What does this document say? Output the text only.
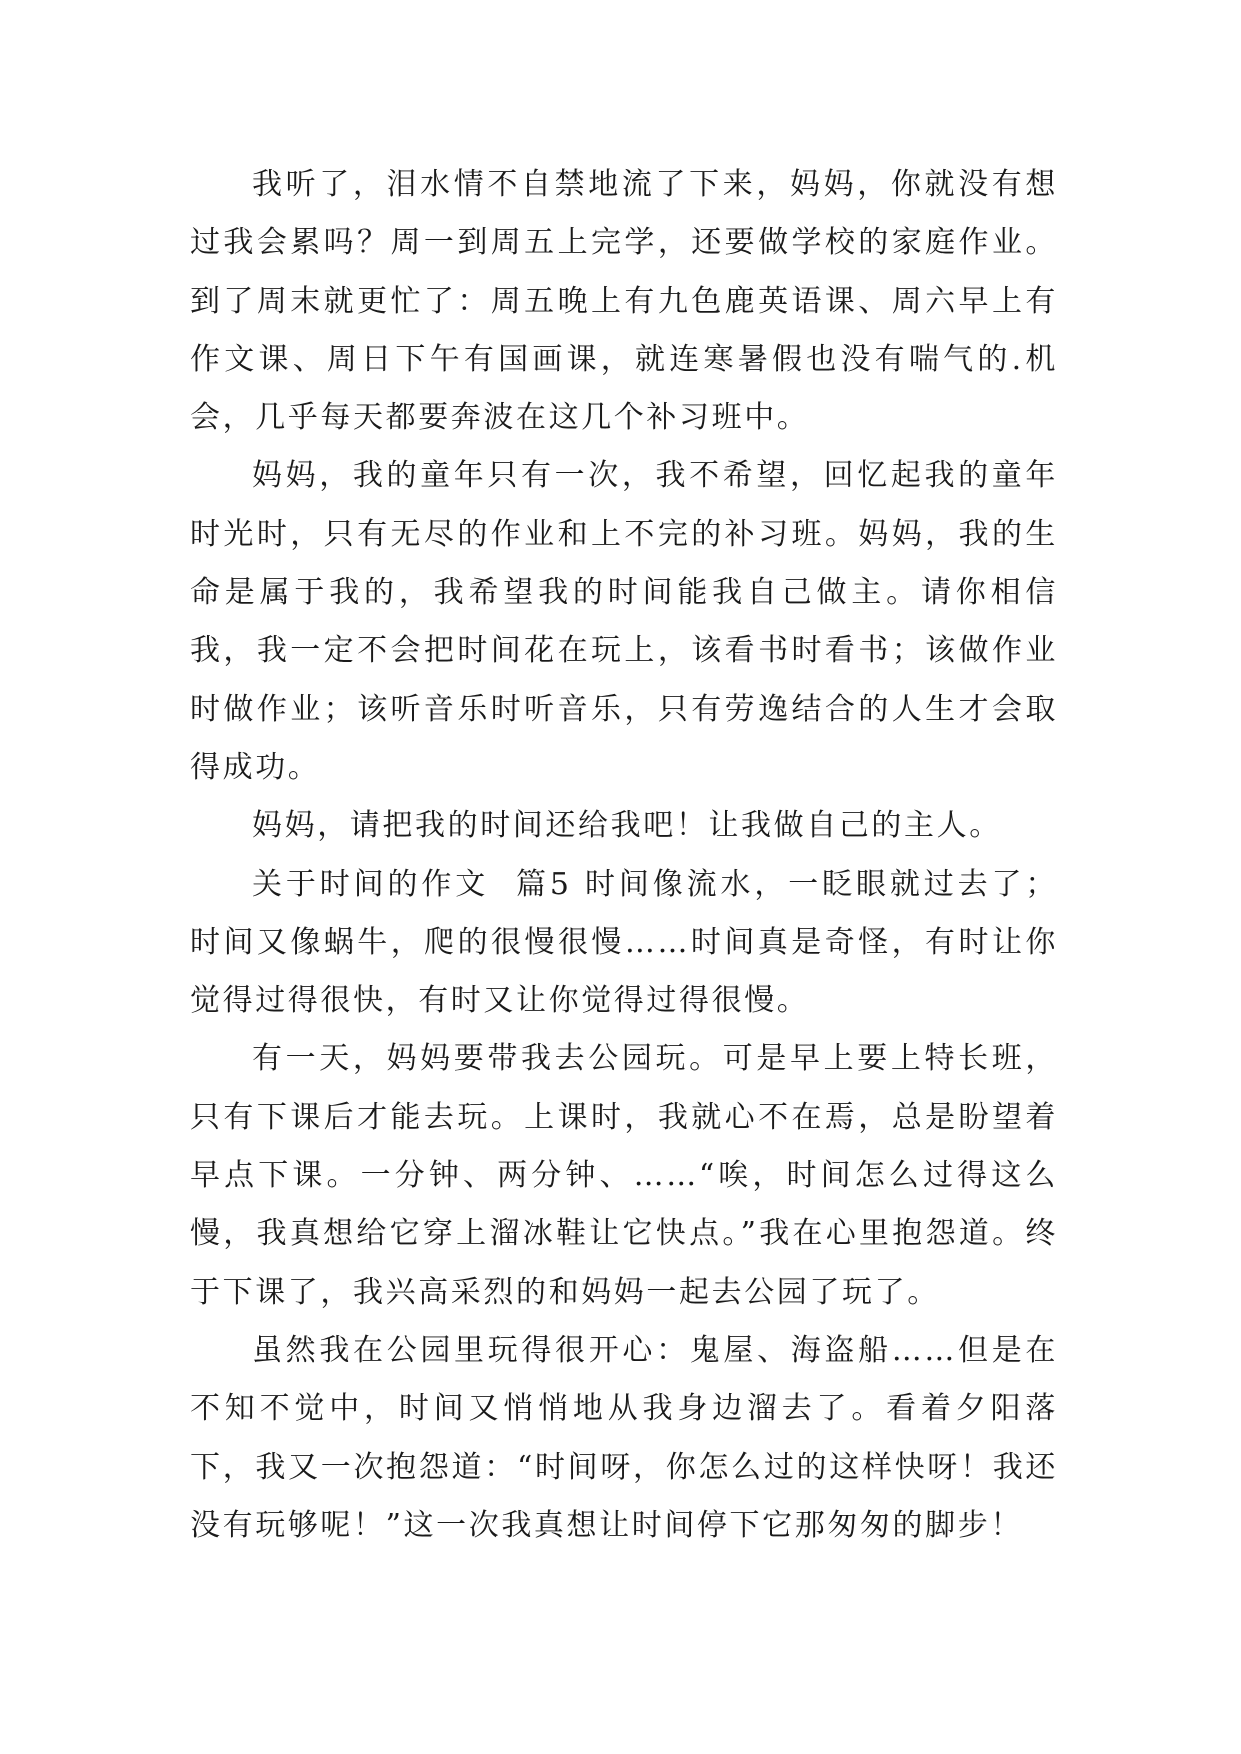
我听了，泪水情不自禁地流了下来，妈妈，你就没有想过我会累吗？周一到周五上完学，还要做学校的家庭作业。到了周末就更忙了：周五晚上有九色鹿英语课、周六早上有作文课、周日下午有国画课，就连寒暑假也没有喘气的.机会，几乎每天都要奔波在这几个补习班中。

妈妈，我的童年只有一次，我不希望，回忆起我的童年时光时，只有无尽的作业和上不完的补习班。妈妈，我的生命是属于我的，我希望我的时间能我自己做主。请你相信我，我一定不会把时间花在玩上，该看书时看书；该做作业时做作业；该听音乐时听音乐，只有劳逸结合的人生才会取得成功。

妈妈，请把我的时间还给我吧！让我做自己的主人。

关于时间的作文  篇5 时间像流水，一眨眼就过去了；时间又像蜗牛，爬的很慢很慢……时间真是奇怪，有时让你觉得过得很快，有时又让你觉得过得很慢。

有一天，妈妈要带我去公园玩。可是早上要上特长班，只有下课后才能去玩。上课时，我就心不在焉，总是盼望着早点下课。一分钟、两分钟、……“唉，时间怎么过得这么慢，我真想给它穿上溜冰鞋让它快点。”我在心里抱怨道。终于下课了，我兴高采烈的和妈妈一起去公园了玩了。

虽然我在公园里玩得很开心：鬼屋、海盗船……但是在不知不觉中，时间又悄悄地从我身边溜去了。看着夕阳落下，我又一次抱怨道：“时间呀，你怎么过的这样快呀！我还没有玩够呢！”这一次我真想让时间停下它那匆匆的脚步！
